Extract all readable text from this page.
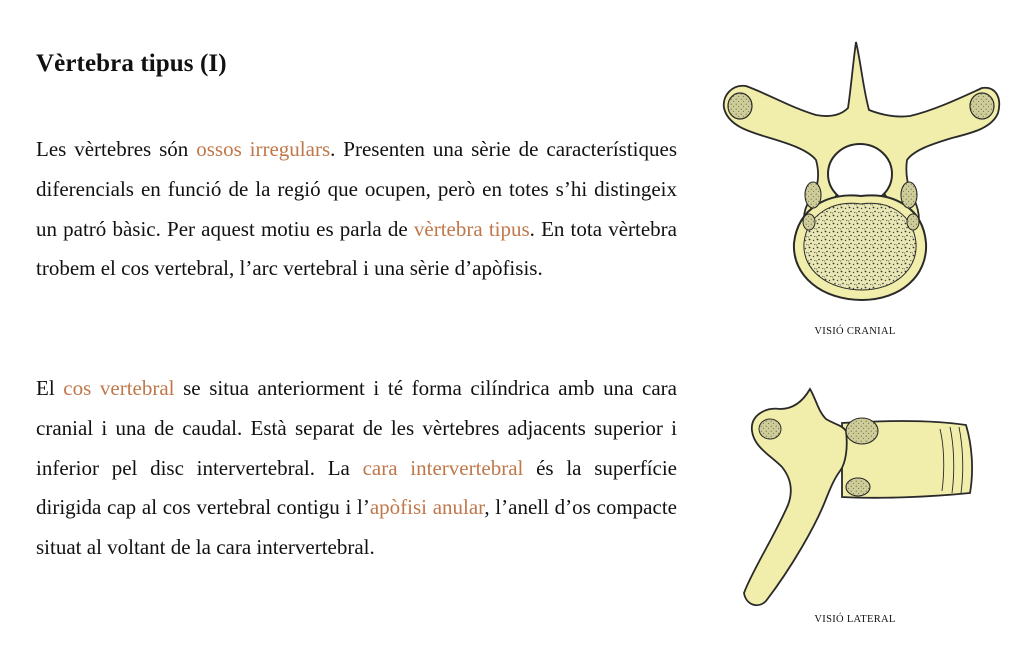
Vèrtebra tipus (I)

Les vèrtebres són ossos irregulars. Presenten una sèrie de característiques diferencials en funció de la regió que ocupen, però en totes s’hi distingeix un patró bàsic. Per aquest motiu es parla de vèrtebra tipus. En tota vèrtebra trobem el cos vertebral, l’arc vertebral i una sèrie d’apòfisis.

El cos vertebral se situa anteriorment i té forma cilíndrica amb una cara cranial i una de caudal. Està separat de les vèrtebres adjacents superior i inferior pel disc intervertebral. La cara intervertebral és la superfície dirigida cap al cos vertebral contigu i l’apòfisi anular, l’anell d’os compacte situat al voltant de la cara intervertebral.

VISIÓ CRANIAL
VISIÓ LATERAL
